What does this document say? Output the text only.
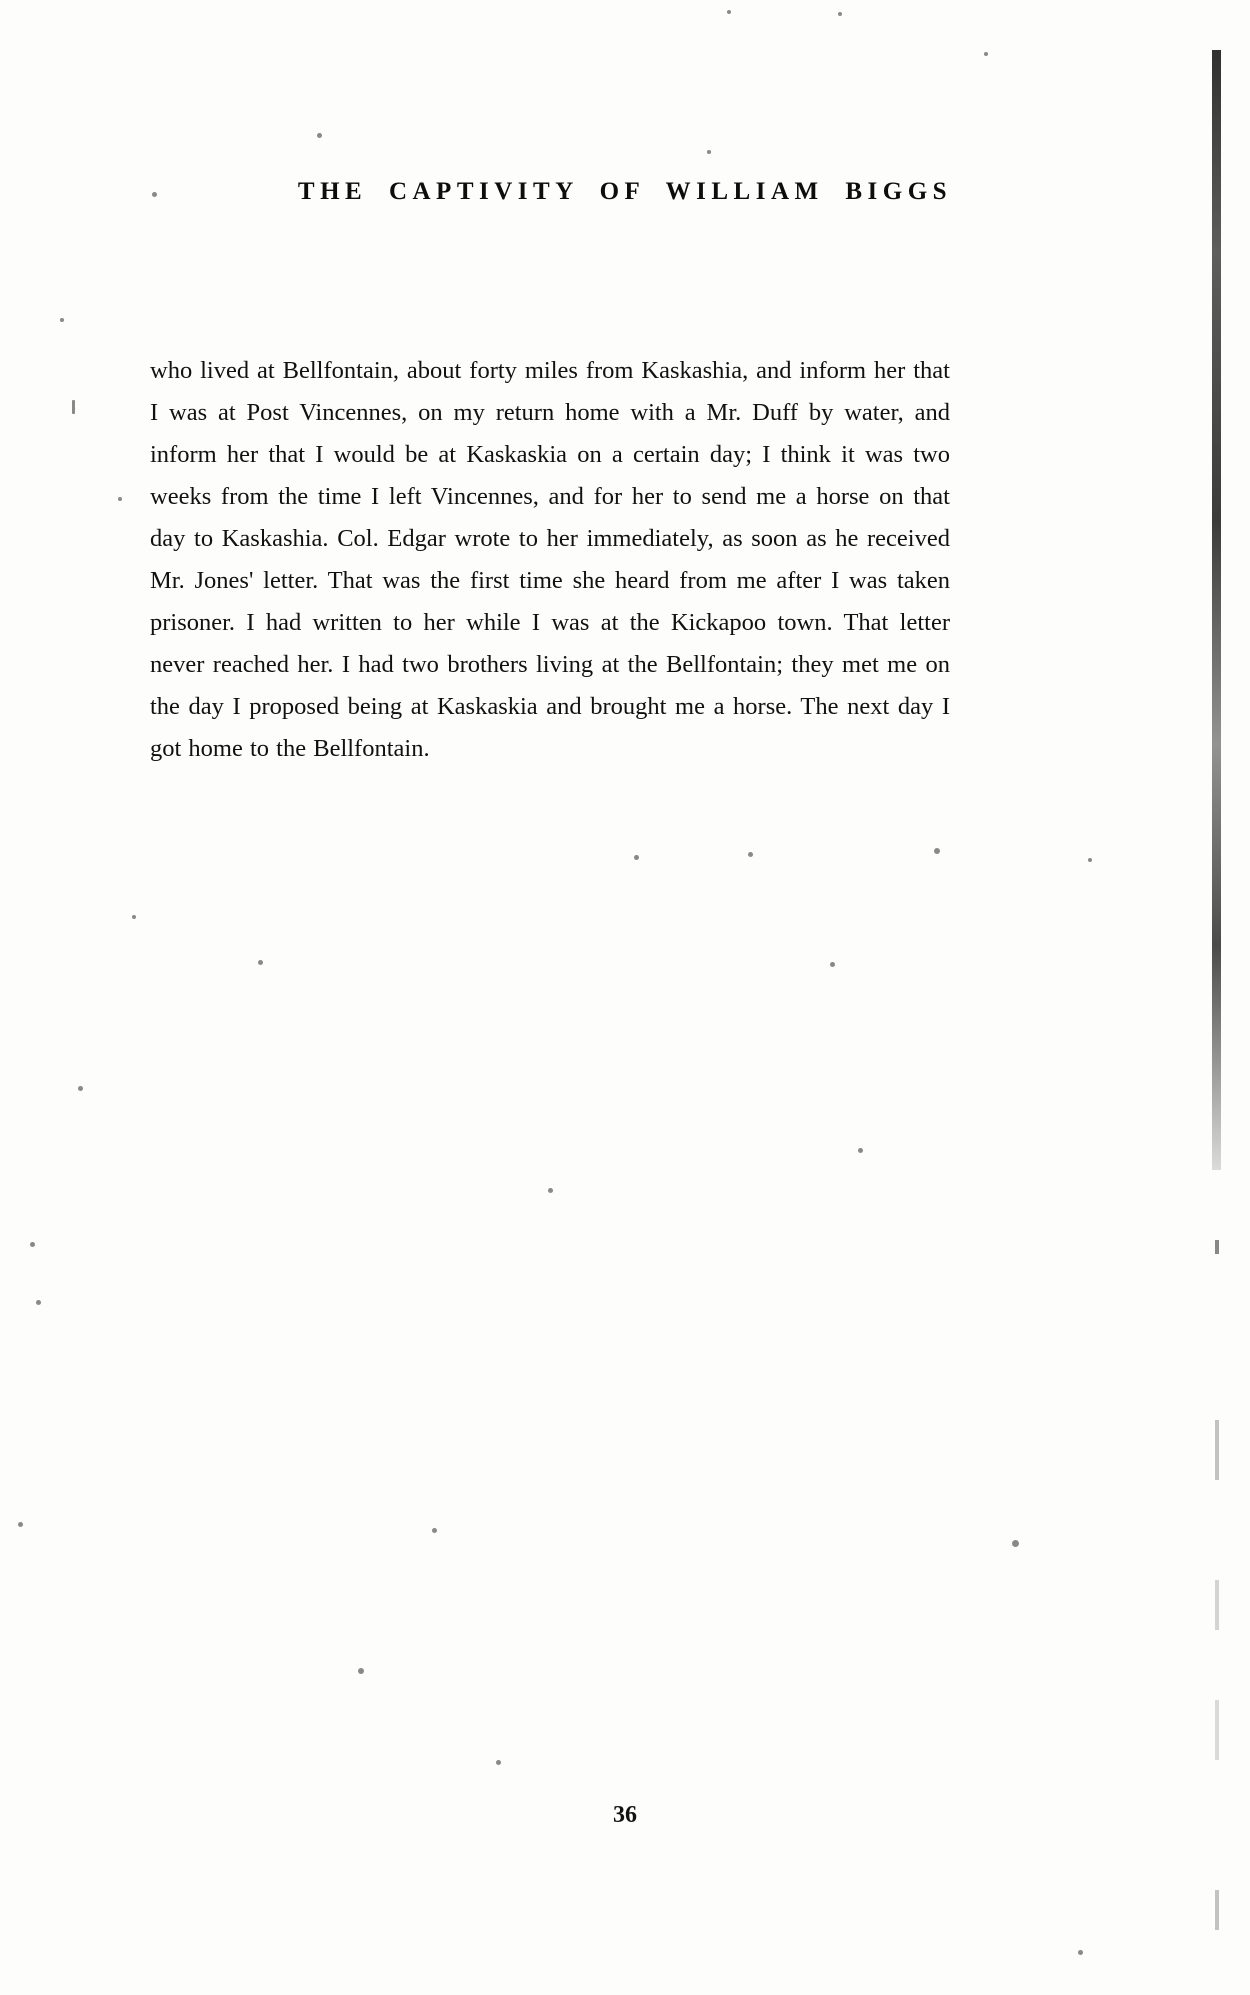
THE CAPTIVITY OF WILLIAM BIGGS

who lived at Bellfontain, about forty miles from Kaskashia, and inform her that I was at Post Vincennes, on my return home with a Mr. Duff by water, and inform her that I would be at Kaskaskia on a certain day; I think it was two weeks from the time I left Vincennes, and for her to send me a horse on that day to Kaskashia. Col. Edgar wrote to her immediately, as soon as he received Mr. Jones' letter. That was the first time she heard from me after I was taken prisoner. I had written to her while I was at the Kickapoo town. That letter never reached her. I had two brothers living at the Bellfontain; they met me on the day I proposed being at Kaskaskia and brought me a horse. The next day I got home to the Bellfontain.

36
